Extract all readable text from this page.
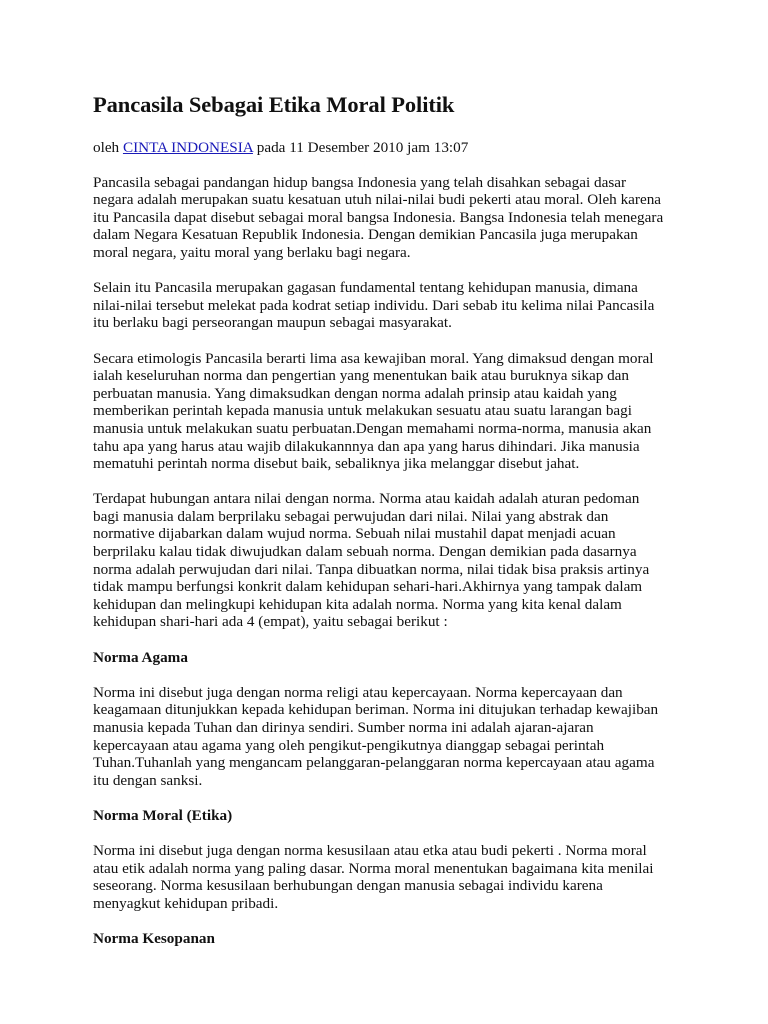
Pancasila Sebagai Etika Moral Politik

oleh CINTA INDONESIA pada 11 Desember 2010 jam 13:07

Pancasila sebagai pandangan hidup bangsa Indonesia yang telah disahkan sebagai dasar
negara adalah merupakan suatu kesatuan utuh nilai-nilai budi pekerti atau moral. Oleh karena
itu Pancasila dapat disebut sebagai moral bangsa Indonesia. Bangsa Indonesia telah menegara
dalam Negara Kesatuan Republik Indonesia. Dengan demikian Pancasila juga merupakan
moral negara, yaitu moral yang berlaku bagi negara.

Selain itu Pancasila merupakan gagasan fundamental tentang kehidupan manusia, dimana
nilai-nilai tersebut melekat pada kodrat setiap individu. Dari sebab itu kelima nilai Pancasila
itu berlaku bagi perseorangan maupun sebagai masyarakat.

Secara etimologis Pancasila berarti lima asa kewajiban moral. Yang dimaksud dengan moral
ialah keseluruhan norma dan pengertian yang menentukan baik atau buruknya sikap dan
perbuatan manusia. Yang dimaksudkan dengan norma adalah prinsip atau kaidah yang
memberikan perintah kepada manusia untuk melakukan sesuatu atau suatu larangan bagi
manusia untuk melakukan suatu perbuatan.Dengan memahami norma-norma, manusia akan
tahu apa yang harus atau wajib dilakukannnya dan apa yang harus dihindari. Jika manusia
mematuhi perintah norma disebut baik, sebaliknya jika melanggar disebut jahat.

Terdapat hubungan antara nilai dengan norma. Norma atau kaidah adalah aturan pedoman
bagi manusia dalam berprilaku sebagai perwujudan dari nilai. Nilai yang abstrak dan
normative dijabarkan dalam wujud norma. Sebuah nilai mustahil dapat menjadi acuan
berprilaku kalau tidak diwujudkan dalam sebuah norma. Dengan demikian pada dasarnya
norma adalah perwujudan dari nilai. Tanpa dibuatkan norma, nilai tidak bisa praksis artinya
tidak mampu berfungsi konkrit dalam kehidupan sehari-hari.Akhirnya yang tampak dalam
kehidupan dan melingkupi kehidupan kita adalah norma. Norma yang kita kenal dalam
kehidupan shari-hari ada 4 (empat), yaitu sebagai berikut :

Norma Agama

Norma ini disebut juga dengan norma religi atau kepercayaan. Norma kepercayaan dan
keagamaan ditunjukkan kepada kehidupan beriman. Norma ini ditujukan terhadap kewajiban
manusia kepada Tuhan dan dirinya sendiri. Sumber norma ini adalah ajaran-ajaran
kepercayaan atau agama yang oleh pengikut-pengikutnya dianggap sebagai perintah
Tuhan.Tuhanlah yang mengancam pelanggaran-pelanggaran norma kepercayaan atau agama
itu dengan sanksi.

Norma Moral (Etika)

Norma ini disebut juga dengan norma kesusilaan atau etka atau budi pekerti . Norma moral
atau etik adalah norma yang paling dasar. Norma moral menentukan bagaimana kita menilai
seseorang. Norma kesusilaan berhubungan dengan manusia sebagai individu karena
menyagkut kehidupan pribadi.

Norma Kesopanan
